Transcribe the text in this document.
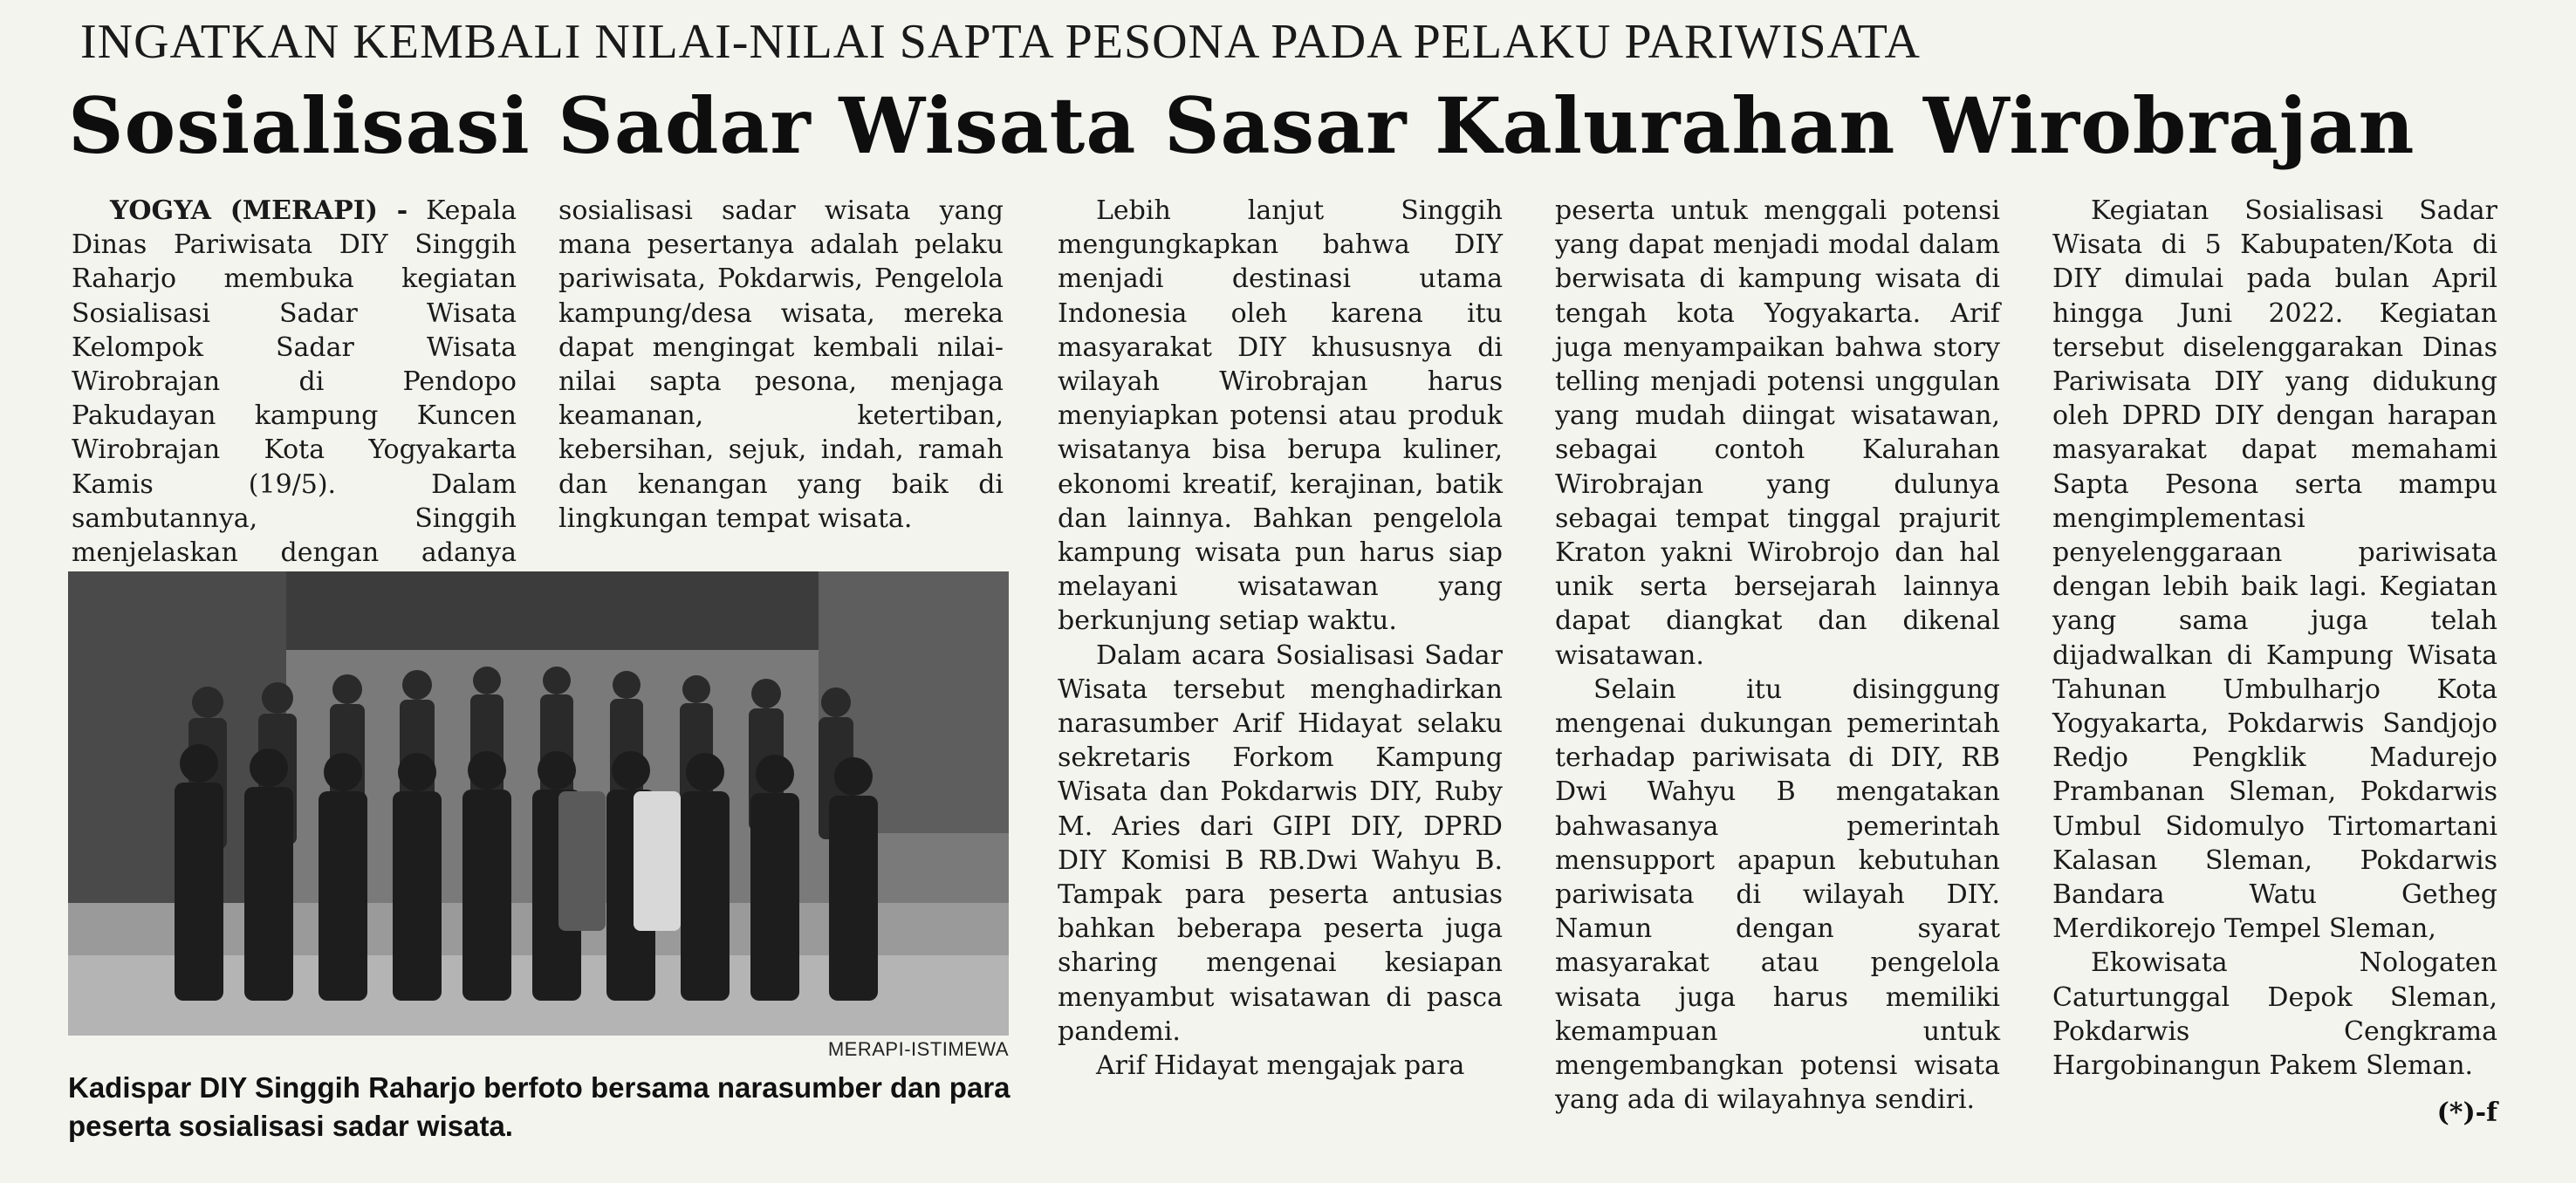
INGATKAN KEMBALI NILAI-NILAI SAPTA PESONA PADA PELAKU PARIWISATA
Sosialisasi Sadar Wisata Sasar Kalurahan Wirobrajan

YOGYA (MERAPI) - Kepala Dinas Pariwisata DIY Singgih Raharjo membuka kegiatan Sosialisasi Sadar Wisata Kelompok Sadar Wisata Wirobrajan di Pendopo Pakudayan kampung Kuncen Wirobrajan Kota Yogyakarta Kamis (19/5). Dalam sambutannya, Singgih menjelaskan dengan adanya

sosialisasi sadar wisata yang mana pesertanya adalah pelaku pariwisata, Pokdarwis, Pengelola kampung/desa wisata, mereka dapat mengingat kembali nilai-nilai sapta pesona, menjaga keamanan, ketertiban, kebersihan, sejuk, indah, ramah dan kenangan yang baik di lingkungan tempat wisata.

MERAPI-ISTIMEWA
Kadispar DIY Singgih Raharjo berfoto bersama narasumber dan para peserta sosialisasi sadar wisata.

Lebih lanjut Singgih mengungkapkan bahwa DIY menjadi destinasi utama Indonesia oleh karena itu masyarakat DIY khususnya di wilayah Wirobrajan harus menyiapkan potensi atau produk wisatanya bisa berupa kuliner, ekonomi kreatif, kerajinan, batik dan lainnya. Bahkan pengelola kampung wisata pun harus siap melayani wisatawan yang berkunjung setiap waktu.

Dalam acara Sosialisasi Sadar Wisata tersebut menghadirkan narasumber Arif Hidayat selaku sekretaris Forkom Kampung Wisata dan Pokdarwis DIY, Ruby M. Aries dari GIPI DIY, DPRD DIY Komisi B RB.Dwi Wahyu B. Tampak para peserta antusias bahkan beberapa peserta juga sharing mengenai kesiapan menyambut wisatawan di pasca pandemi.

Arif Hidayat mengajak para

peserta untuk menggali potensi yang dapat menjadi modal dalam berwisata di kampung wisata di tengah kota Yogyakarta. Arif juga menyampaikan bahwa story telling menjadi potensi unggulan yang mudah diingat wisatawan, sebagai contoh Kalurahan Wirobrajan yang dulunya sebagai tempat tinggal prajurit Kraton yakni Wirobrojo dan hal unik serta bersejarah lainnya dapat diangkat dan dikenal wisatawan.

Selain itu disinggung mengenai dukungan pemerintah terhadap pariwisata di DIY, RB Dwi Wahyu B mengatakan bahwasanya pemerintah mensupport apapun kebutuhan pariwisata di wilayah DIY. Namun dengan syarat masyarakat atau pengelola wisata juga harus memiliki kemampuan untuk mengembangkan potensi wisata yang ada di wilayahnya sendiri.

Kegiatan Sosialisasi Sadar Wisata di 5 Kabupaten/Kota di DIY dimulai pada bulan April hingga Juni 2022. Kegiatan tersebut diselenggarakan Dinas Pariwisata DIY yang didukung oleh DPRD DIY dengan harapan masyarakat dapat memahami Sapta Pesona serta mampu mengimplementasi penyelenggaraan pariwisata dengan lebih baik lagi. Kegiatan yang sama juga telah dijadwalkan di Kampung Wisata Tahunan Umbulharjo Kota Yogyakarta, Pokdarwis Sandjojo Redjo Pengklik Madurejo Prambanan Sleman, Pokdarwis Umbul Sidomulyo Tirtomartani Kalasan Sleman, Pokdarwis Bandara Watu Getheg Merdikorejo Tempel Sleman,

Ekowisata Nologaten Caturtunggal Depok Sleman, Pokdarwis Cengkrama Hargobinangun Pakem Sleman.

(*)-f
